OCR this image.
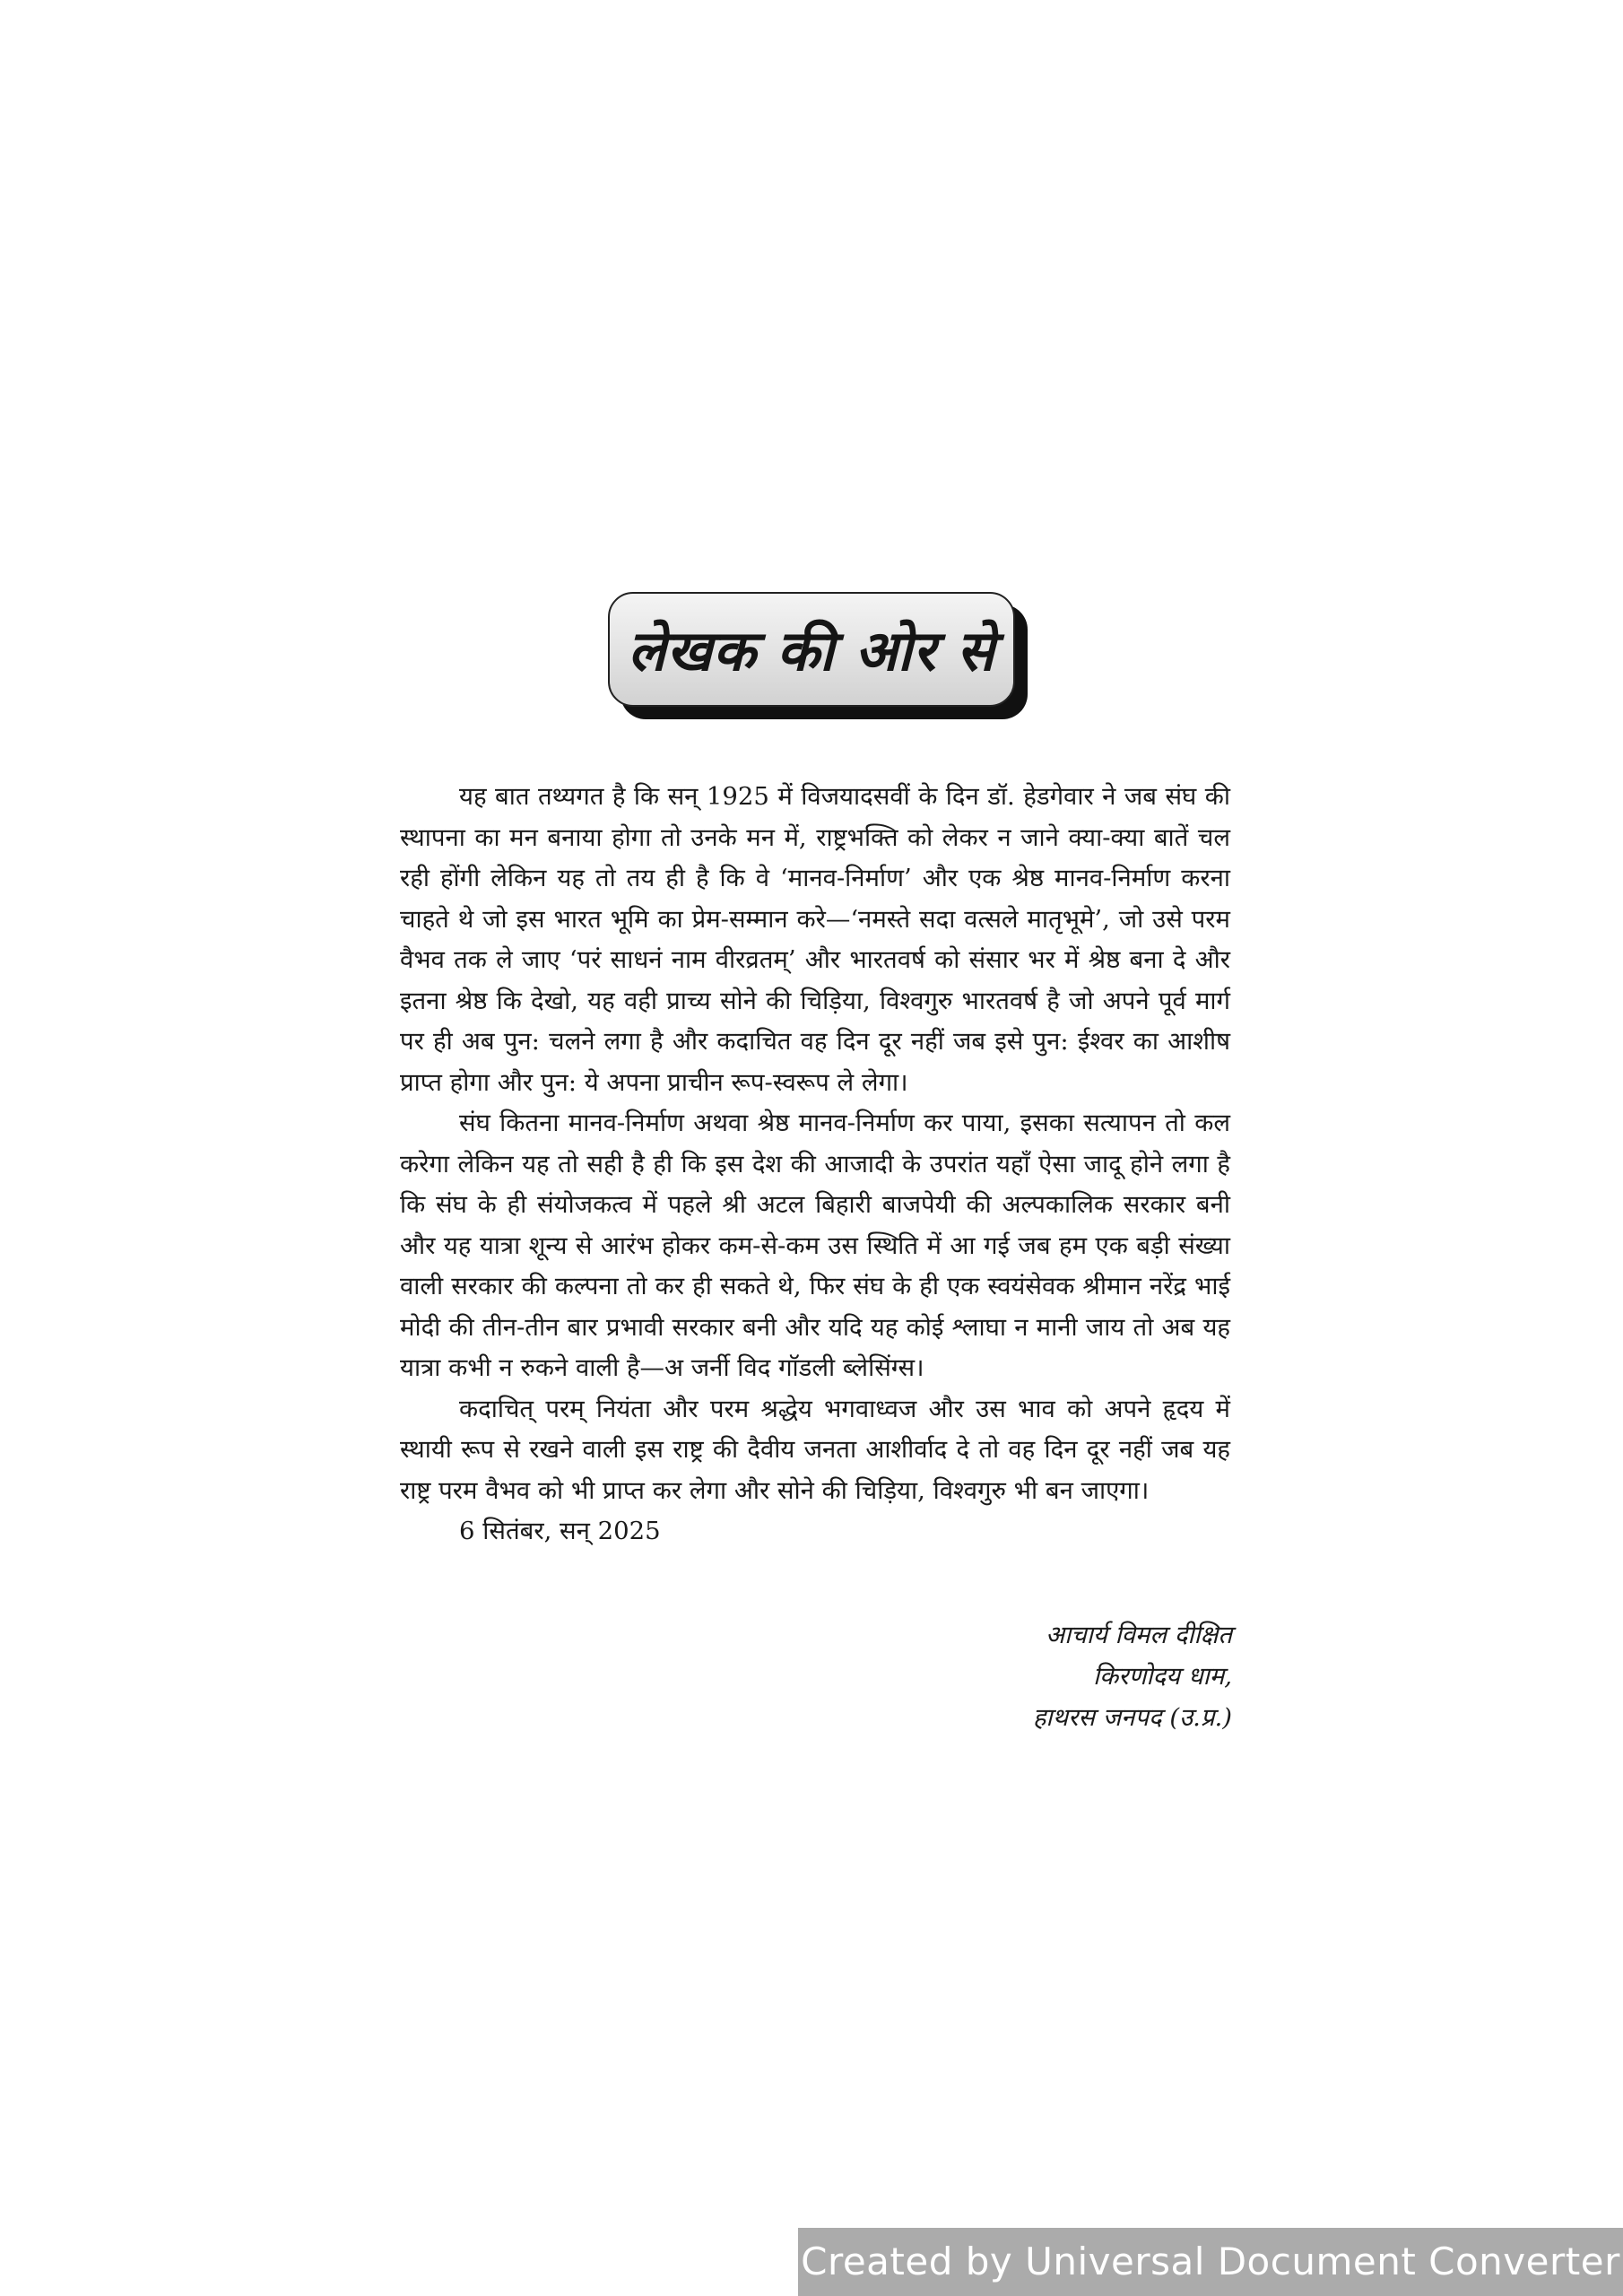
लेखक की ओर से

यह बात तथ्यगत है कि सन् 1925 में विजयादसवीं के दिन डॉ. हेडगेवार ने जब संघ की स्थापना का मन बनाया होगा तो उनके मन में, राष्ट्रभक्ति को लेकर न जाने क्या-क्या बातें चल रही होंगी लेकिन यह तो तय ही है कि वे ‘मानव-निर्माण’ और एक श्रेष्ठ मानव-निर्माण करना चाहते थे जो इस भारत भूमि का प्रेम-सम्मान करे—‘नमस्ते सदा वत्सले मातृभूमे’, जो उसे परम वैभव तक ले जाए ‘परं साधनं नाम वीरव्रतम्’ और भारतवर्ष को संसार भर में श्रेष्ठ बना दे और इतना श्रेष्ठ कि देखो, यह वही प्राच्य सोने की चिड़िया, विश्वगुरु भारतवर्ष है जो अपने पूर्व मार्ग पर ही अब पुन: चलने लगा है और कदाचित वह दिन दूर नहीं जब इसे पुन: ईश्वर का आशीष प्राप्त होगा और पुन: ये अपना प्राचीन रूप-स्वरूप ले लेगा।

संघ कितना मानव-निर्माण अथवा श्रेष्ठ मानव-निर्माण कर पाया, इसका सत्यापन तो कल करेगा लेकिन यह तो सही है ही कि इस देश की आजादी के उपरांत यहाँ ऐसा जादू होने लगा है कि संघ के ही संयोजकत्व में पहले श्री अटल बिहारी बाजपेयी की अल्पकालिक सरकार बनी और यह यात्रा शून्य से आरंभ होकर कम-से-कम उस स्थिति में आ गई जब हम एक बड़ी संख्या वाली सरकार की कल्पना तो कर ही सकते थे, फिर संघ के ही एक स्वयंसेवक श्रीमान नरेंद्र भाई मोदी की तीन-तीन बार प्रभावी सरकार बनी और यदि यह कोई श्लाघा न मानी जाय तो अब यह यात्रा कभी न रुकने वाली है—अ जर्नी विद गॉडली ब्लेसिंग्स।

कदाचित् परम् नियंता और परम श्रद्धेय भगवाध्वज और उस भाव को अपने हृदय में स्थायी रूप से रखने वाली इस राष्ट्र की दैवीय जनता आशीर्वाद दे तो वह दिन दूर नहीं जब यह राष्ट्र परम वैभव को भी प्राप्त कर लेगा और सोने की चिड़िया, विश्वगुरु भी बन जाएगा।

6 सितंबर, सन् 2025

आचार्य विमल दीक्षित
किरणोदय धाम,
हाथरस जनपद (उ.प्र.)
Created by Universal Document Converter
